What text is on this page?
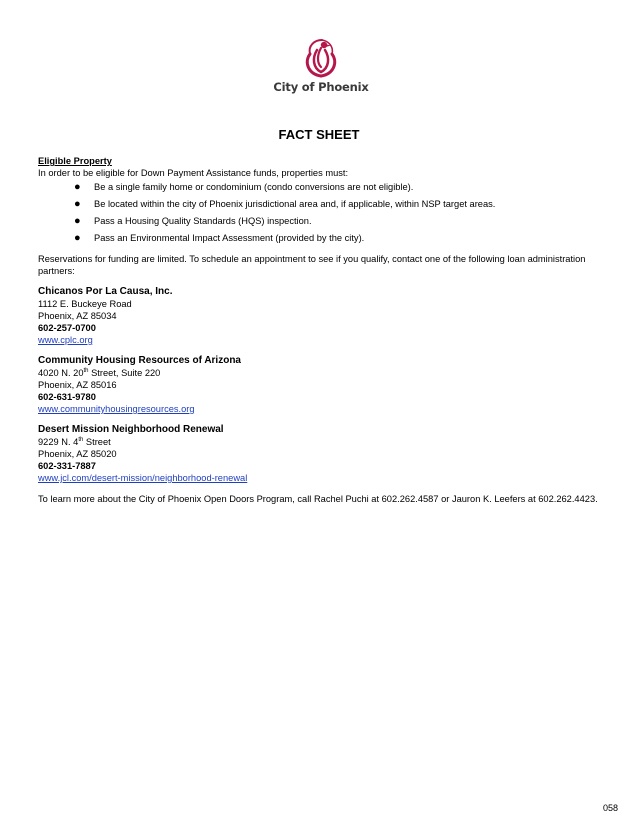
City of Phoenix
FACT SHEET
Eligible Property

In order to be eligible for Down Payment Assistance funds, properties must:

● Be a single family home or condominium (condo conversions are not eligible).
● Be located within the city of Phoenix jurisdictional area and, if applicable, within NSP target areas.
● Pass a Housing Quality Standards (HQS) inspection.
● Pass an Environmental Impact Assessment (provided by the city).

Reservations for funding are limited. To schedule an appointment to see if you qualify, contact one of the following loan administration partners:

Chicanos Por La Causa, Inc.
1112 E. Buckeye Road
Phoenix, AZ 85034
602-257-0700
www.cplc.org
Community Housing Resources of Arizona
4020 N. 20th Street, Suite 220
Phoenix, AZ 85016
602-631-9780
www.communityhousingresources.org
Desert Mission Neighborhood Renewal
9229 N. 4th Street
Phoenix, AZ 85020
602-331-7887
www.jcl.com/desert-mission/neighborhood-renewal

To learn more about the City of Phoenix Open Doors Program, call Rachel Puchi at 602.262.4587 or Jauron K. Leefers at 602.262.4423.

058
